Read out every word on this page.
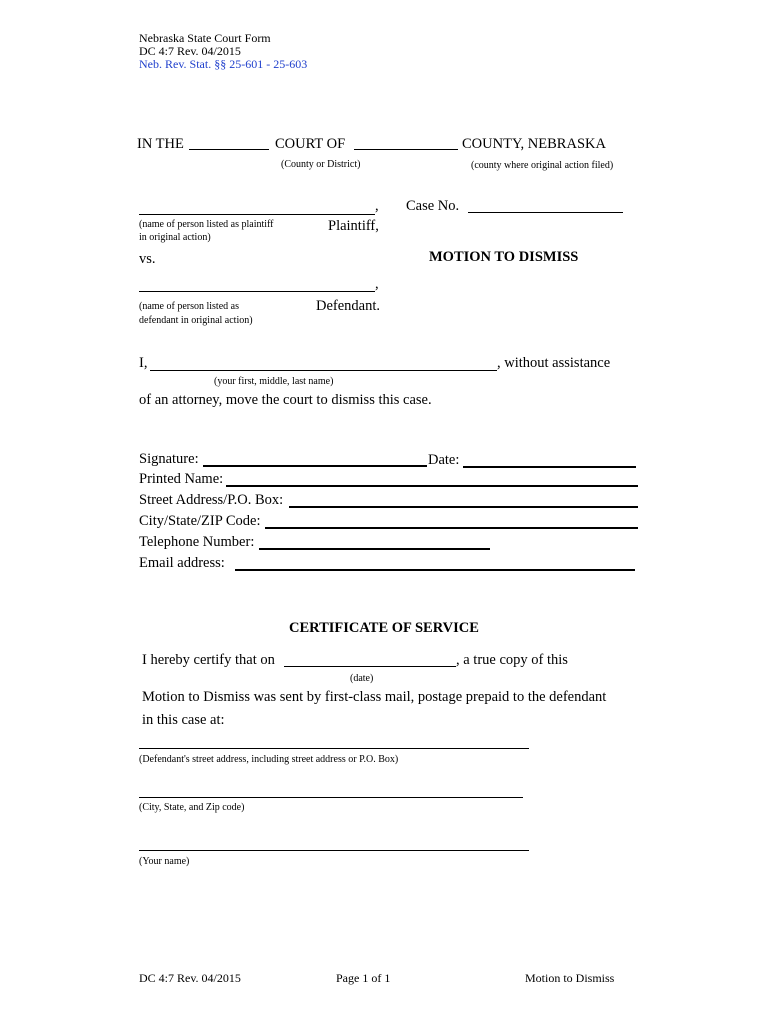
Nebraska State Court Form
DC 4:7 Rev. 04/2015
Neb. Rev. Stat. §§ 25-601 - 25-603
IN THE	COURT OF	COUNTY, NEBRASKA
(County or District)	(county where original action filed)
, Case No.
(name of person listed as plaintiff
in original action)
Plaintiff,
vs.	MOTION TO DISMISS
,
(name of person listed as
defendant in original action)
Defendant.
I,	, without assistance
(your first, middle, last name)
of an attorney, move the court to dismiss this case.
Signature:	Date:
Printed Name:
Street Address/P.O. Box:
City/State/ZIP Code:
Telephone Number:
Email address:
CERTIFICATE OF SERVICE
I hereby certify that on	, a true copy of this
(date)
Motion to Dismiss was sent by first-class mail, postage prepaid to the defendant
in this case at:
(Defendant's street address, including street address or P.O. Box)
(City, State, and Zip code)
(Your name)
DC 4:7 Rev. 04/2015	Page 1 of 1	Motion to Dismiss
